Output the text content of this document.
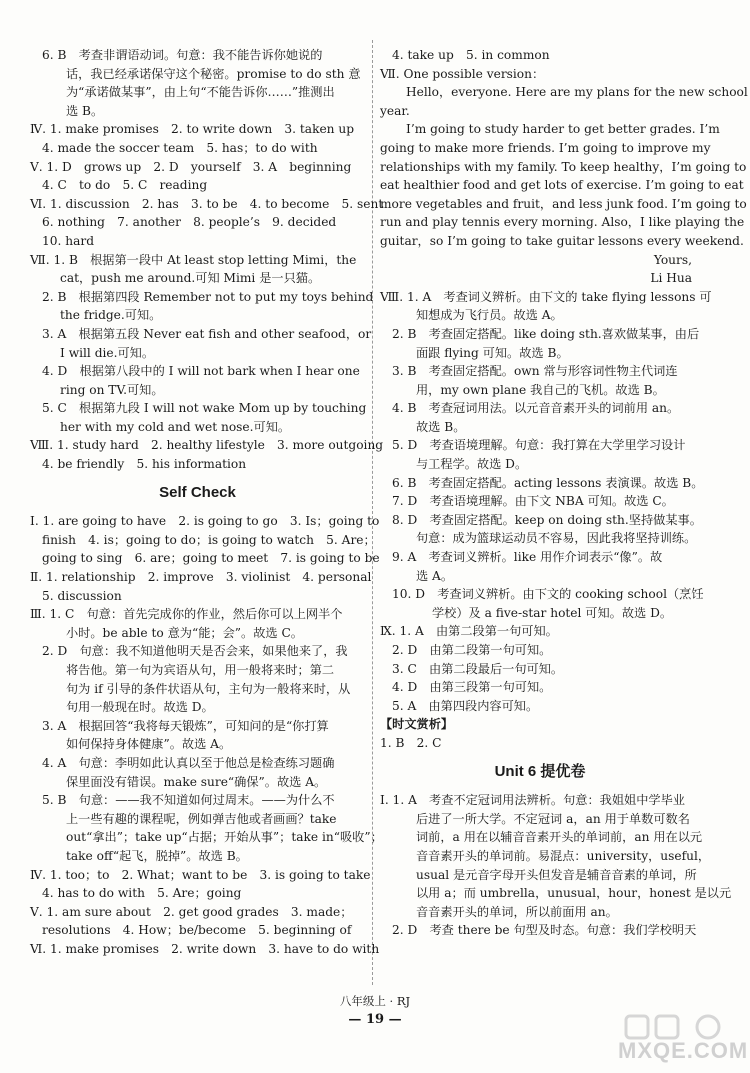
6. B　考查非谓语动词。句意：我不能告诉你她说的
话，我已经承诺保守这个秘密。promise to do sth 意
为“承诺做某事”，由上句“不能告诉你……”推测出
选 B。
Ⅳ. 1. make promises　2. to write down　3. taken up
4. made the soccer team　5. has；to do with
Ⅴ. 1. D　grows up　2. D　yourself　3. A　beginning
4. C　to do　5. C　reading
Ⅵ. 1. discussion　2. has　3. to be　4. to become　5. sent
6. nothing　7. another　8. people’s　9. decided
10. hard
Ⅶ. 1. B　根据第一段中 At least stop letting Mimi，the
cat，push me around.可知 Mimi 是一只猫。
2. B　根据第四段 Remember not to put my toys behind
the fridge.可知。
3. A　根据第五段 Never eat fish and other seafood，or
I will die.可知。
4. D　根据第八段中的 I will not bark when I hear one
ring on TV.可知。
5. C　根据第九段 I will not wake Mom up by touching
her with my cold and wet nose.可知。
Ⅷ. 1. study hard　2. healthy lifestyle　3. more outgoing
4. be friendly　5. his information
Self Check
Ⅰ. 1. are going to have　2. is going to go　3. Is；going to
finish　4. is；going to do；is going to watch　5. Are；
going to sing　6. are；going to meet　7. is going to be
Ⅱ. 1. relationship　2. improve　3. violinist　4. personal
5. discussion
Ⅲ. 1. C　句意：首先完成你的作业，然后你可以上网半个
小时。be able to 意为“能；会”。故选 C。
2. D　句意：我不知道他明天是否会来，如果他来了，我
将告他。第一句为宾语从句，用一般将来时；第二
句为 if 引导的条件状语从句，主句为一般将来时，从
句用一般现在时。故选 D。
3. A　根据回答“我将每天锻炼”，可知问的是“你打算
如何保持身体健康”。故选 A。
4. A　句意：李明如此认真以至于他总是检查练习题确
保里面没有错误。make sure“确保”。故选 A。
5. B　句意：——我不知道如何过周末。——为什么不
上一些有趣的课程呢，例如弹吉他或者画画？take
out“拿出”；take up“占据；开始从事”；take in“吸收”；
take off“起飞，脱掉”。故选 B。
Ⅳ. 1. too；to　2. What；want to be　3. is going to take
4. has to do with　5. Are；going
Ⅴ. 1. am sure about　2. get good grades　3. made；
resolutions　4. How；be/become　5. beginning of
Ⅵ. 1. make promises　2. write down　3. have to do with
4. take up　5. in common
Ⅶ. One possible version：
Hello，everyone. Here are my plans for the new school
year.
I’m going to study harder to get better grades. I’m
going to make more friends. I’m going to improve my
relationships with my family. To keep healthy，I’m going to
eat healthier food and get lots of exercise. I’m going to eat
more vegetables and fruit，and less junk food. I’m going to
run and play tennis every morning. Also，I like playing the
guitar，so I’m going to take guitar lessons every weekend.
Yours,
Li Hua
Ⅷ. 1. A　考查词义辨析。由下文的 take flying lessons 可
知想成为飞行员。故选 A。
2. B　考查固定搭配。like doing sth.喜欢做某事，由后
面跟 flying 可知。故选 B。
3. B　考查固定搭配。own 常与形容词性物主代词连
用，my own plane 我自己的飞机。故选 B。
4. B　考查冠词用法。以元音音素开头的词前用 an。
故选 B。
5. D　考查语境理解。句意：我打算在大学里学习设计
与工程学。故选 D。
6. B　考查固定搭配。acting lessons 表演课。故选 B。
7. D　考查语境理解。由下文 NBA 可知。故选 C。
8. D　考查固定搭配。keep on doing sth.坚持做某事。
句意：成为篮球运动员不容易，因此我将坚持训练。
9. A　考查词义辨析。like 用作介词表示“像”。故
选 A。
10. D　考查词义辨析。由下文的 cooking school（烹饪
学校）及 a five-star hotel 可知。故选 D。
Ⅸ. 1. A　由第二段第一句可知。
2. D　由第二段第一句可知。
3. C　由第二段最后一句可知。
4. D　由第三段第一句可知。
5. A　由第四段内容可知。
【时文赏析】
1. B　2. C
Unit 6 提优卷
Ⅰ. 1. A　考查不定冠词用法辨析。句意：我姐姐中学毕业
后进了一所大学。不定冠词 a，an 用于单数可数名
词前，a 用在以辅音音素开头的单词前，an 用在以元
音音素开头的单词前。易混点：university，useful，
usual 是元音字母开头但发音是辅音音素的单词，所
以用 a；而 umbrella，unusual，hour，honest 是以元
音音素开头的单词，所以前面用 an。
2. D　考查 there be 句型及时态。句意：我们学校明天
八年级上 · RJ
— 19 —
MXQE.COM
